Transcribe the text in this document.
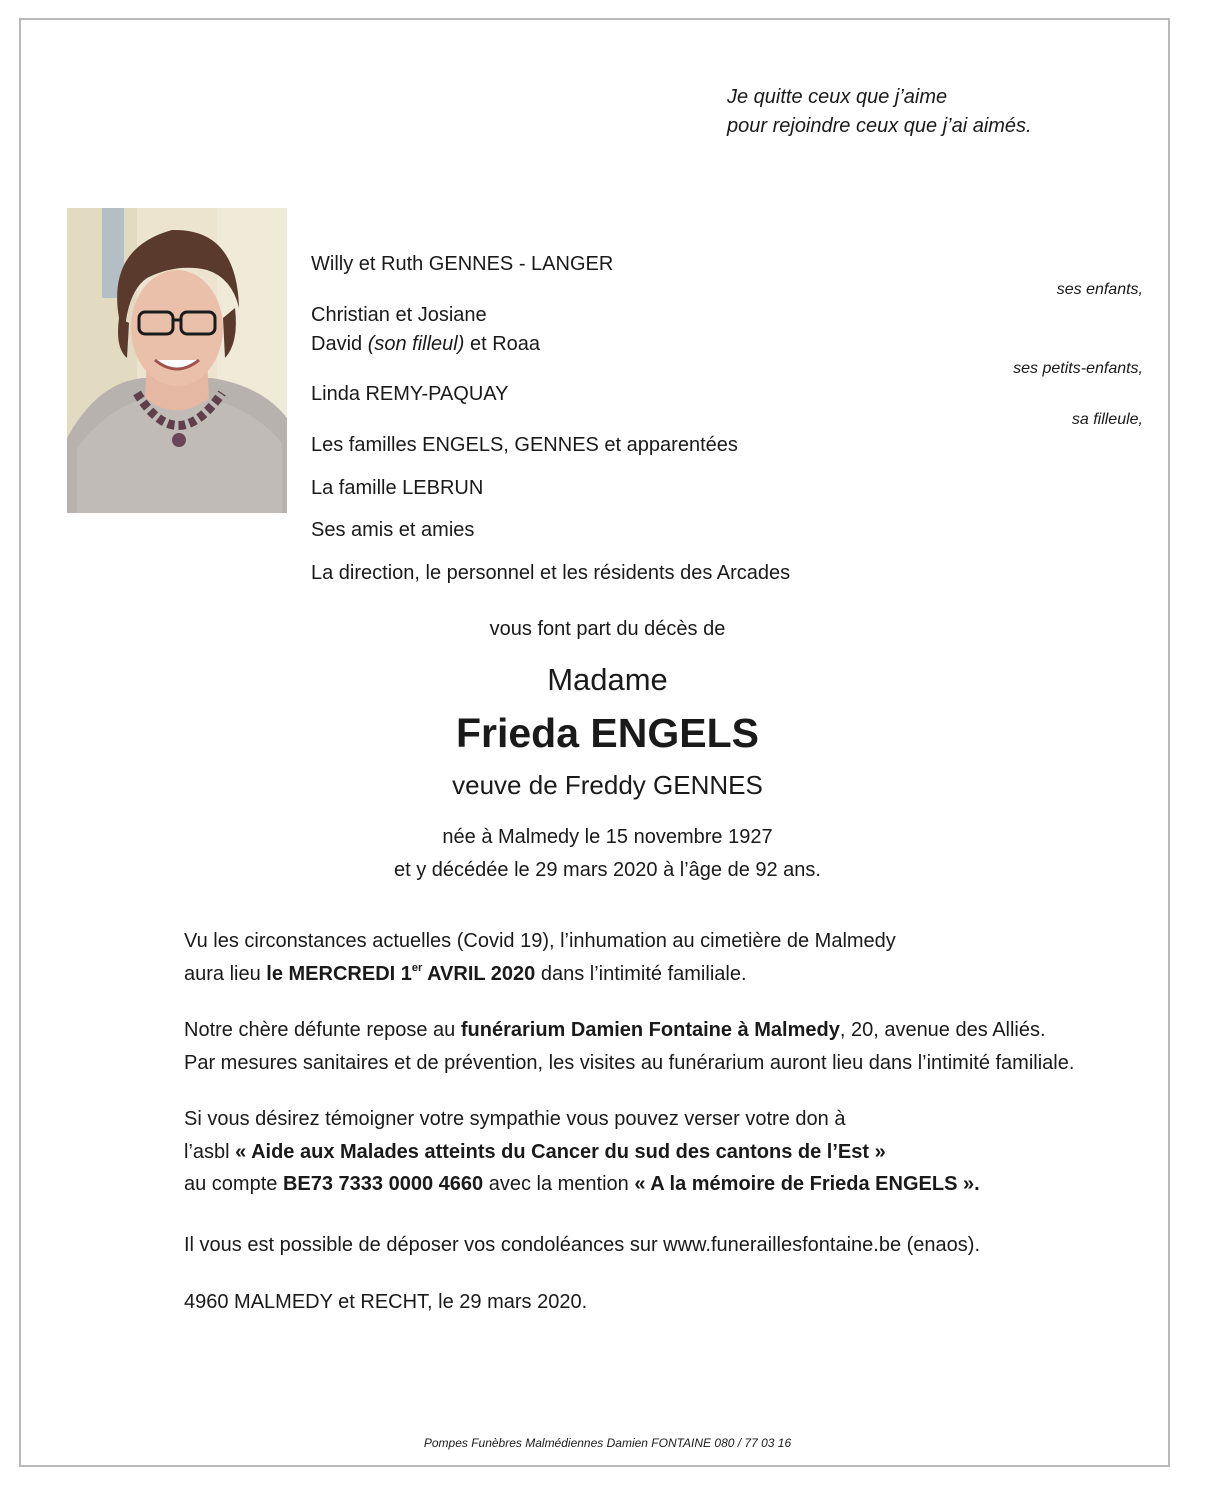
Je quitte ceux que j’aime
pour rejoindre ceux que j’ai aimés.
Willy et Ruth GENNES - LANGER
ses enfants,
Christian et Josiane
David (son filleul) et Roaa
ses petits-enfants,
Linda REMY-PAQUAY
sa filleule,
Les familles ENGELS, GENNES et apparentées
La famille LEBRUN
Ses amis et amies
La direction, le personnel et les résidents des Arcades
vous font part du décès de
Madame
Frieda ENGELS
veuve de Freddy GENNES
née à Malmedy le 15 novembre 1927
et y décédée le 29 mars 2020 à l’âge de 92 ans.
Vu les circonstances actuelles (Covid 19), l’inhumation au cimetière de Malmedy
aura lieu le MERCREDI 1er AVRIL 2020 dans l’intimité familiale.
Notre chère défunte repose au funérarium Damien Fontaine à Malmedy, 20, avenue des Alliés.
Par mesures sanitaires et de prévention, les visites au funérarium auront lieu dans l’intimité familiale.
Si vous désirez témoigner votre sympathie vous pouvez verser votre don à
l’asbl « Aide aux Malades atteints du Cancer du sud des cantons de l’Est »
au compte BE73 7333 0000 4660 avec la mention « A la mémoire de Frieda ENGELS ».
Il vous est possible de déposer vos condoléances sur www.funeraillesfontaine.be (enaos).
4960 MALMEDY et RECHT, le 29 mars 2020.
Pompes Funèbres Malmédiennes Damien FONTAINE 080 / 77 03 16
